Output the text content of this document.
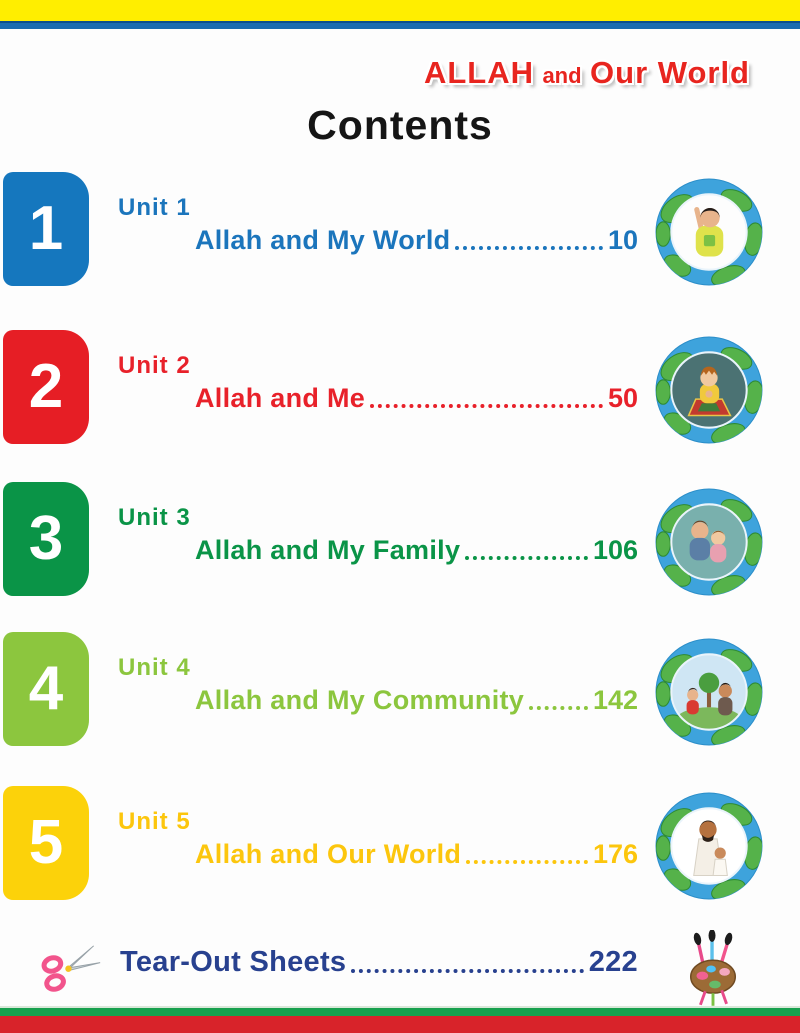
ALLAH and Our World
Contents
1 Unit 1
Allah and My World	10
2 Unit 2
Allah and Me	50
3 Unit 3
Allah and My Family	106
4 Unit 4
Allah and My Community	142
5 Unit 5
Allah and Our World	176
Tear-Out Sheets	222
